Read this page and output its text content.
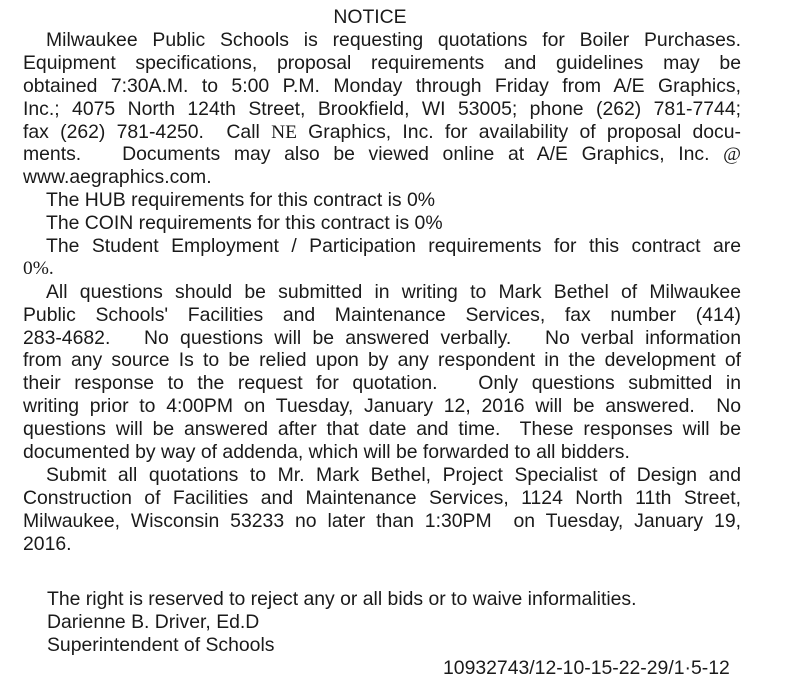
NOTICE
Milwaukee Public Schools is requesting quotations for Boiler Purchases.
Equipment specifications, proposal requirements and guidelines may be
obtained 7:30A.M. to 5:00 P.M. Monday through Friday from A/E Graphics,
Inc.; 4075 North 124th Street, Brookfield, WI 53005; phone (262) 781-7744;
fax (262) 781-4250.  Call NE Graphics, Inc. for availability of proposal docu-
ments.   Documents may also be viewed online at A/E Graphics, Inc. @
www.aegraphics.com.
The HUB requirements for this contract is 0%
The COIN requirements for this contract is 0%
The Student Employment / Participation requirements for this contract are
0%.
All questions should be submitted in writing to Mark Bethel of Milwaukee
Public Schools' Facilities and Maintenance Services, fax number (414)
283-4682.   No questions will be answered verbally.   No verbal information
from any source Is to be relied upon by any respondent in the development of
their response to the request for quotation.   Only questions submitted in
writing prior to 4:00PM on Tuesday, January 12, 2016 will be answered.  No
questions will be answered after that date and time.  These responses will be
documented by way of addenda, which will be forwarded to all bidders.
Submit all quotations to Mr. Mark Bethel, Project Specialist of Design and
Construction of Facilities and Maintenance Services, 1124 North 11th Street,
Milwaukee, Wisconsin 53233 no later than 1:30PM  on Tuesday, January 19,
2016.
The right is reserved to reject any or all bids or to waive informalities.
Darienne B. Driver, Ed.D
Superintendent of Schools
10932743/12-10-15-22-29/1·5-12
